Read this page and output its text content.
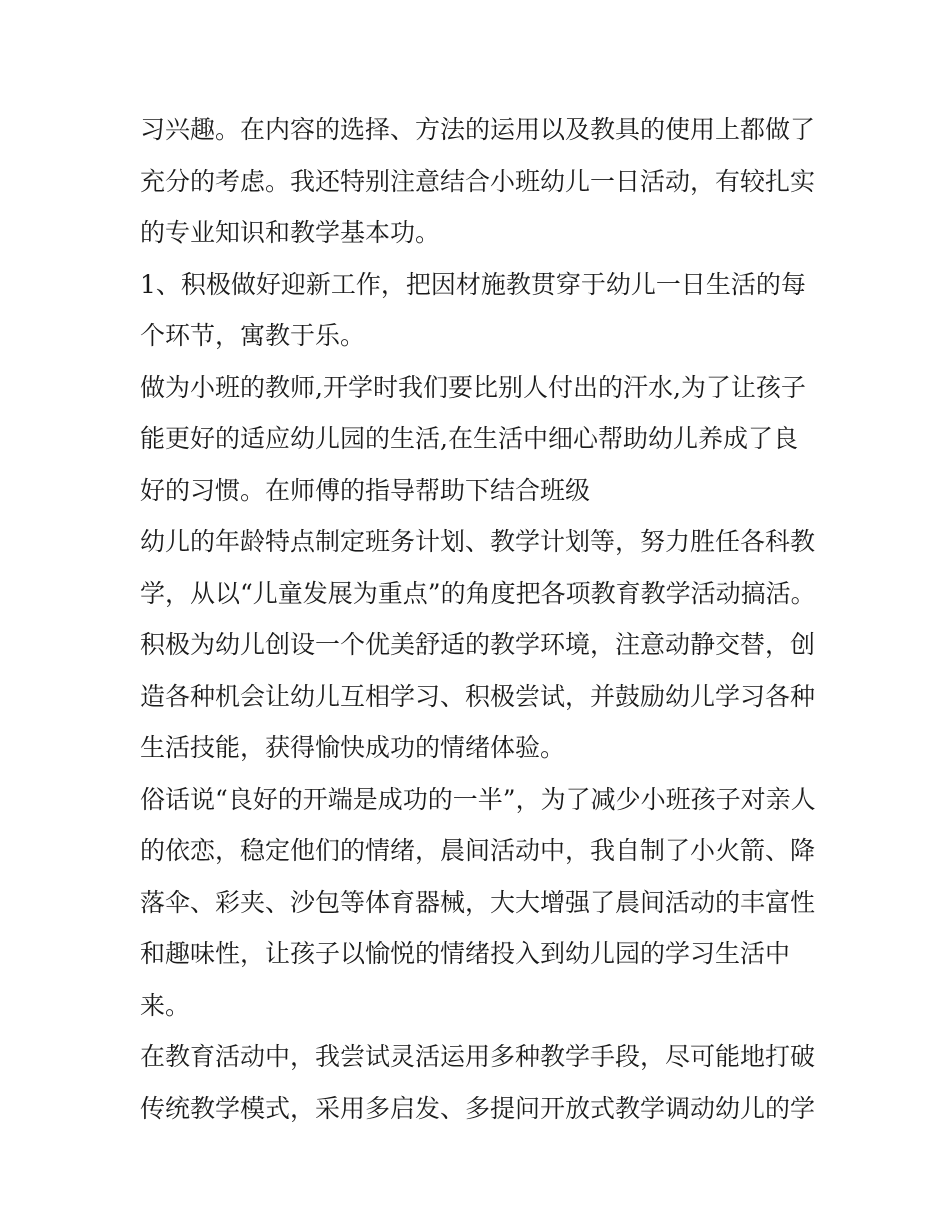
习兴趣。在内容的选择、方法的运用以及教具的使用上都做了
充分的考虑。我还特别注意结合小班幼儿一日活动，有较扎实
的专业知识和教学基本功。
1、积极做好迎新工作，把因材施教贯穿于幼儿一日生活的每
个环节，寓教于乐。
做为小班的教师,开学时我们要比别人付出的汗水,为了让孩子
能更好的适应幼儿园的生活,在生活中细心帮助幼儿养成了良
好的习惯。在师傅的指导帮助下结合班级
幼儿的年龄特点制定班务计划、教学计划等，努力胜任各科教
学，从以“儿童发展为重点”的角度把各项教育教学活动搞活。
积极为幼儿创设一个优美舒适的教学环境，注意动静交替，创
造各种机会让幼儿互相学习、积极尝试，并鼓励幼儿学习各种
生活技能，获得愉快成功的情绪体验。
俗话说“良好的开端是成功的一半”，为了减少小班孩子对亲人
的依恋，稳定他们的情绪，晨间活动中，我自制了小火箭、降
落伞、彩夹、沙包等体育器械，大大增强了晨间活动的丰富性
和趣味性，让孩子以愉悦的情绪投入到幼儿园的学习生活中
来。
在教育活动中，我尝试灵活运用多种教学手段，尽可能地打破
传统教学模式，采用多启发、多提问开放式教学调动幼儿的学
